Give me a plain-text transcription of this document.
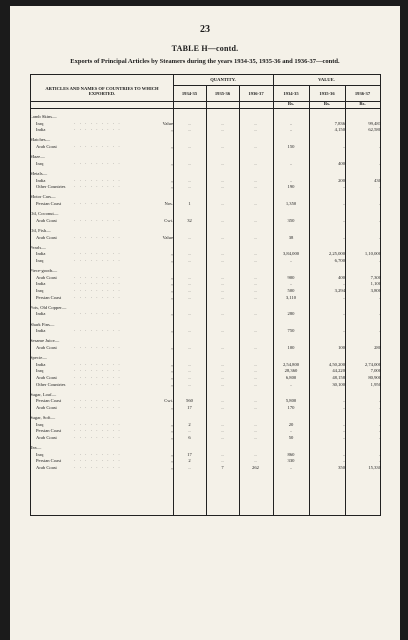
23
TABLE H—contd.
Exports of Principal Articles by Steamers during the years 1934-35, 1935-36 and 1936-37—contd.
ARTICLES AND NAMES OF COUNTRIES TO WHICH EXPORTED.
QUANTITY.	VALUE.
1934-35	1935-36	1936-37	1934-35	1935-36	1936-37
Rs.	Rs.	Rs.
Lamb Skins—
Iraq	·········	Value	..	..	..	..	7,836	99,483
India	·········	,,	..	..	..	..	4,150	62,580
Matches—
Arab Coast	·········	,,	..	..	..	150	..	..
Maze—
Iraq	·········	,,	..	..	..	..	400	..
Metals—
India	·········	,,	..	..	..	..	200	430
Other Countries ·········	,,	..	..	..	190	..	..
Motor Cars—
Persian Coast	·········	Nos.	1	..	..	1,350	..	..
Oil, Coconut—
Arab Coast	·········	Cwt.	32	..	..	350	..	..
Oil, Fish—
Arab Coast	·········	Value	..	..	..	38	..	..
Pearls—
India	·········	,,	..	..	..	3,84,000	2,25,000	1,10,000
Iraq	·········	,,	..	..	..	..	6,700	..
Piece-goods—
Arab Coast	·········	,,	..	..	..	900	400	7,300
India	·········	,,	..	..	..	..	..	1,100
Iraq	·········	,,	..	..	..	500	3,294	3,800
Persian Coast	·········	,,	..	..	..	3,110	..	..
Pots, Old Copper—
India	·········	,,	..	..	..	280	..	..
Shark Fins—
India	·········	,,	..	..	..	750	..	..
Sesame Juice—
Arab Coast	·········	,,	..	..	..	100	100	280
Specie—
India	·········	,,	..	..	..	2,54,800	4,50,200	2,74,000
Iraq	·········	,,	..	..	..	28,360	44,220	7,000
Arab Coast	·········	,,	..	..	..	6,800	48,158	80,900
Other Countries ·········	,,	..	..	..	..	30,100	1,950
Sugar, Loaf—
Persian Coast	·········	Cwt.	560	..	..	5,800	..	..
Arab Coast	·········	,,	17	..	..	170	..	..
Sugar, Soft—
Iraq	·········	,,	2	..	..	20	..	..
Persian Coast	·········	,,	..	..	..	..	..	..
Arab Coast	·········	,,	6	..	..	50	..	..
Tea—
Iraq	·········	,,	17	..	..	860	..	..
Persian Coast	·········	,,	2	..	..	330	..	..
Arab Coast	·········	,,	..	7	262	..	350	15,330
